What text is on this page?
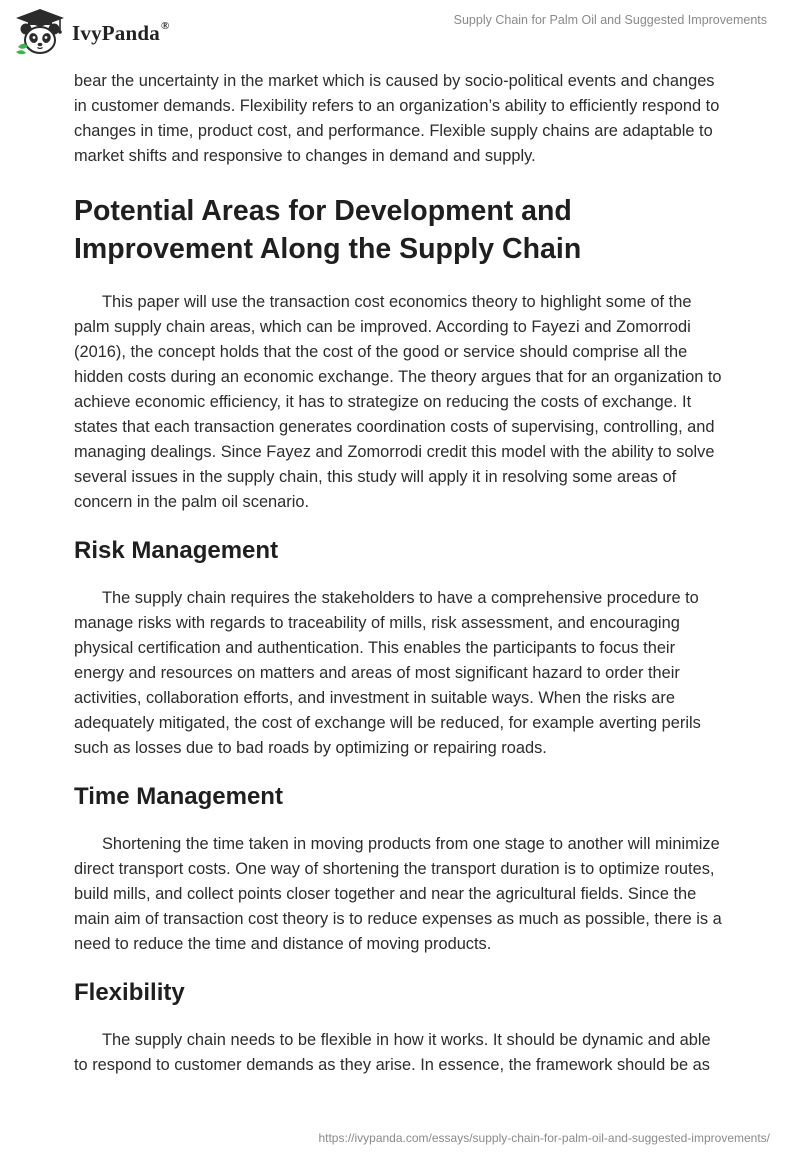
IvyPanda®	Supply Chain for Palm Oil and Suggested Improvements

bear the uncertainty in the market which is caused by socio-political events and changes in customer demands. Flexibility refers to an organization’s ability to efficiently respond to changes in time, product cost, and performance. Flexible supply chains are adaptable to market shifts and responsive to changes in demand and supply.

Potential Areas for Development and Improvement Along the Supply Chain

This paper will use the transaction cost economics theory to highlight some of the palm supply chain areas, which can be improved. According to Fayezi and Zomorrodi (2016), the concept holds that the cost of the good or service should comprise all the hidden costs during an economic exchange. The theory argues that for an organization to achieve economic efficiency, it has to strategize on reducing the costs of exchange. It states that each transaction generates coordination costs of supervising, controlling, and managing dealings. Since Fayez and Zomorrodi credit this model with the ability to solve several issues in the supply chain, this study will apply it in resolving some areas of concern in the palm oil scenario.

Risk Management

The supply chain requires the stakeholders to have a comprehensive procedure to manage risks with regards to traceability of mills, risk assessment, and encouraging physical certification and authentication. This enables the participants to focus their energy and resources on matters and areas of most significant hazard to order their activities, collaboration efforts, and investment in suitable ways. When the risks are adequately mitigated, the cost of exchange will be reduced, for example averting perils such as losses due to bad roads by optimizing or repairing roads.

Time Management

Shortening the time taken in moving products from one stage to another will minimize direct transport costs. One way of shortening the transport duration is to optimize routes, build mills, and collect points closer together and near the agricultural fields. Since the main aim of transaction cost theory is to reduce expenses as much as possible, there is a need to reduce the time and distance of moving products.

Flexibility

The supply chain needs to be flexible in how it works. It should be dynamic and able to respond to customer demands as they arise. In essence, the framework should be as

https://ivypanda.com/essays/supply-chain-for-palm-oil-and-suggested-improvements/
